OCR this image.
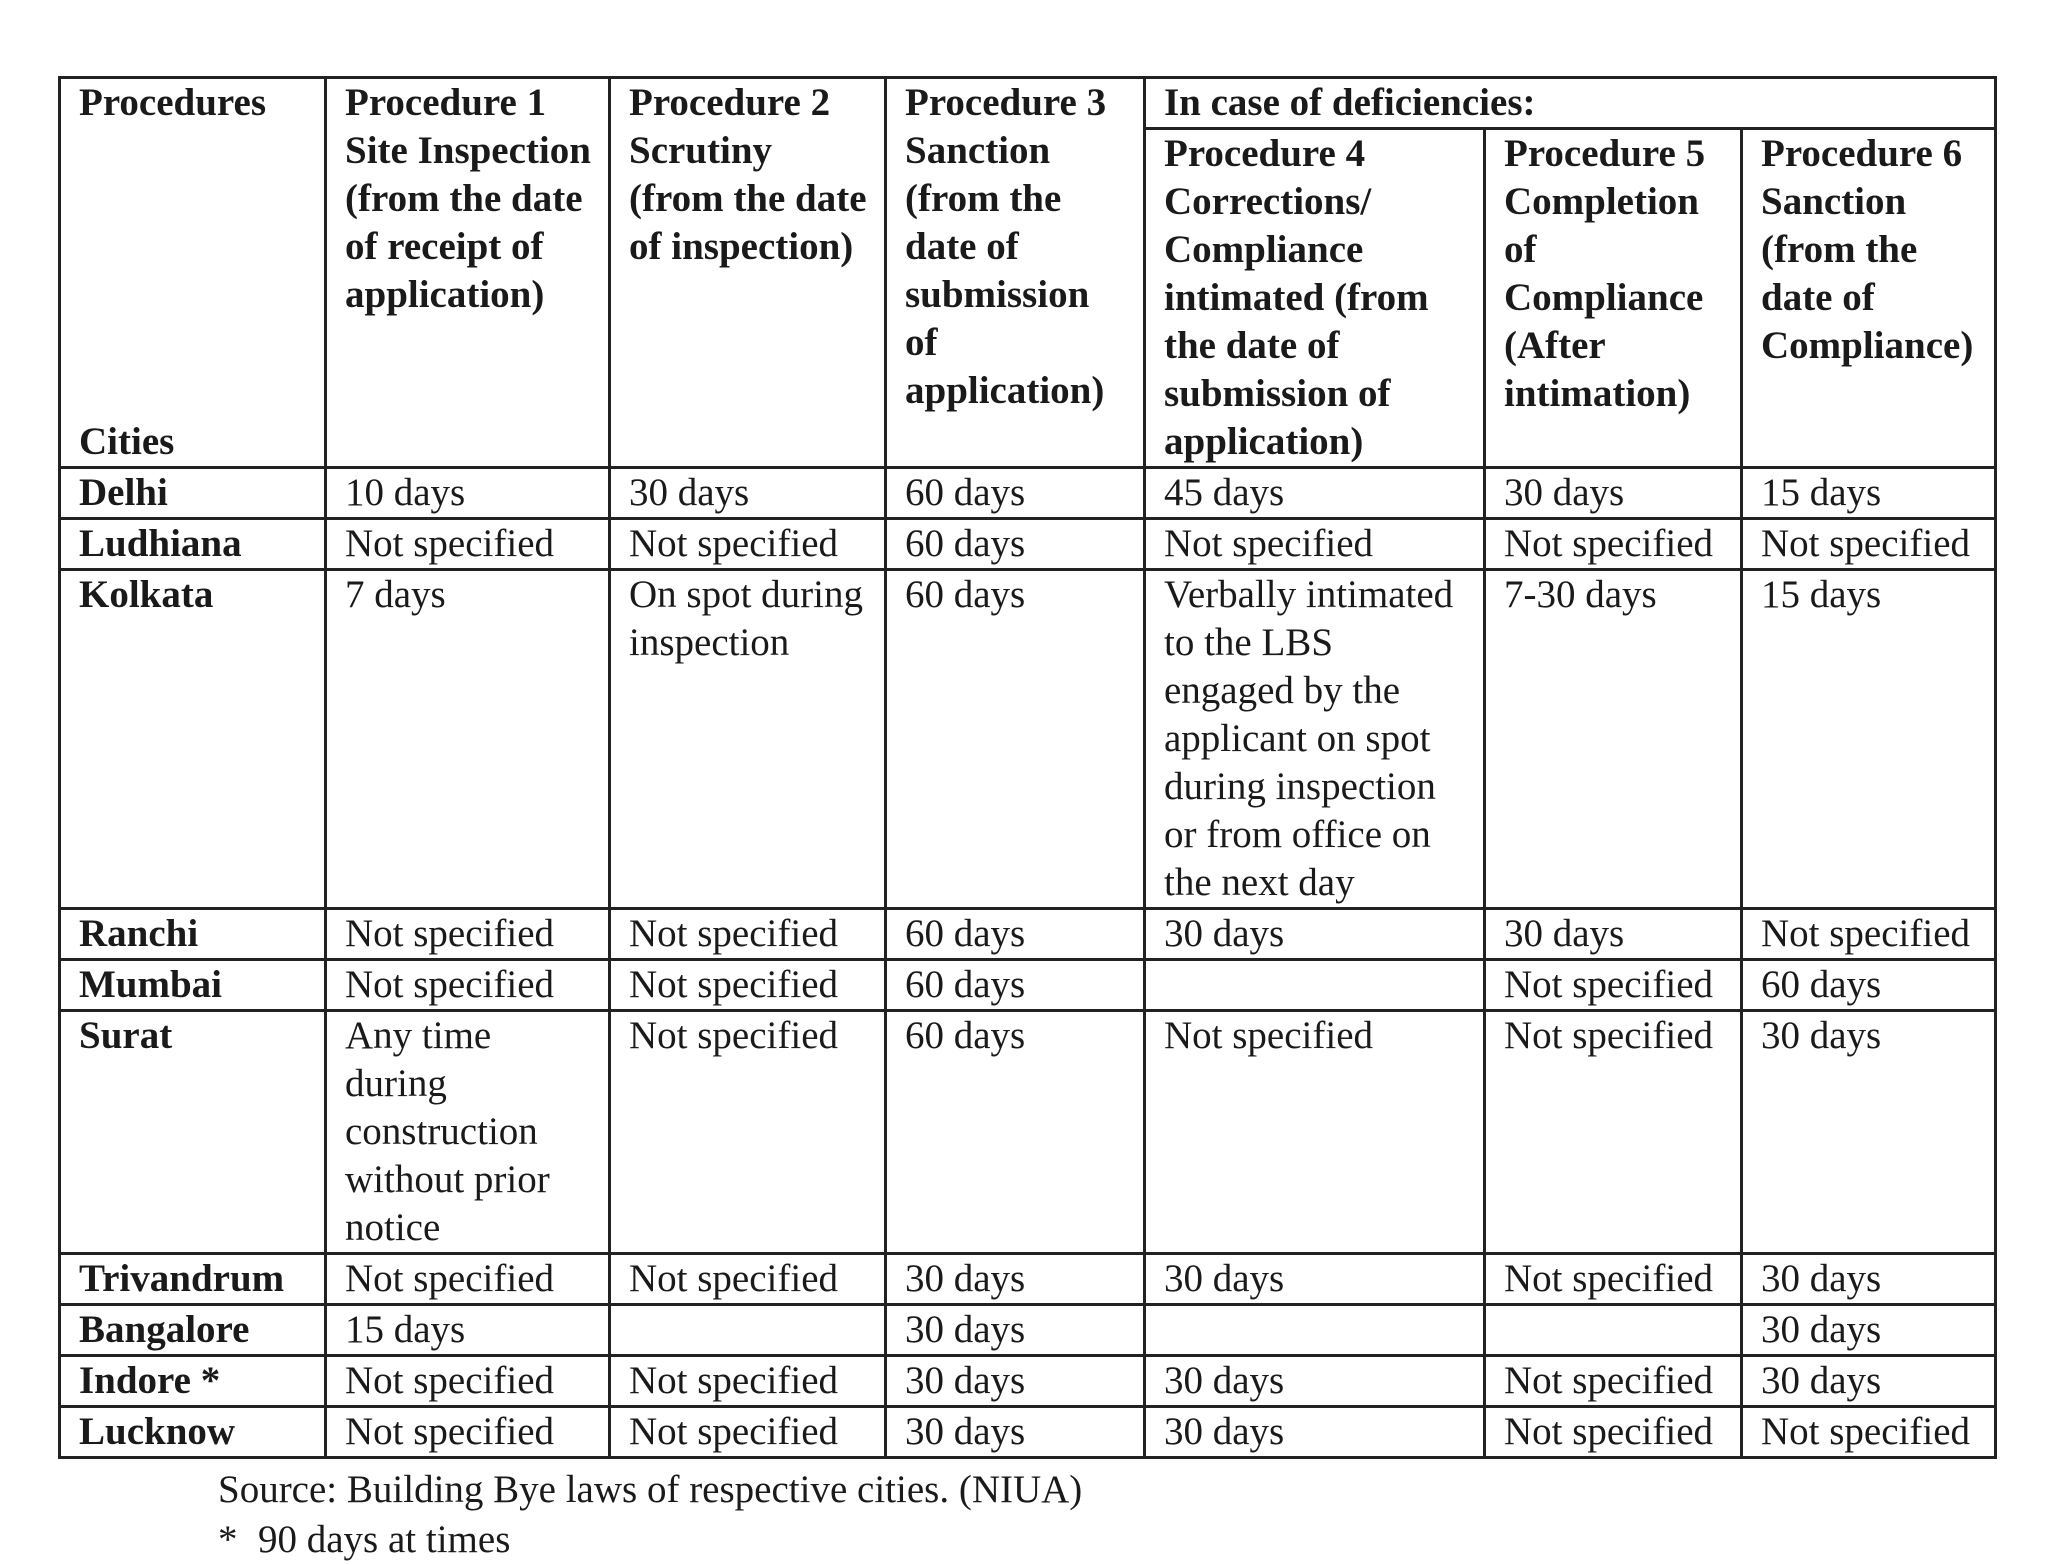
Procedures
Cities	Procedure 1 Site Inspection (from the date of receipt of application)	Procedure 2 Scrutiny (from the date of inspection)	Procedure 3 Sanction (from the date of submission of application)	In case of deficiencies:		
				Procedure 4 Corrections/ Compliance intimated (from the date of submission of application)	Procedure 5 Completion of Compliance (After intimation)	Procedure 6 Sanction (from the date of Compliance)
Delhi	10 days	30 days	60 days	45 days	30 days	15 days
Ludhiana	Not specified	Not specified	60 days	Not specified	Not specified	Not specified
Kolkata	7 days	On spot during inspection	60 days	Verbally intimated to the LBS engaged by the applicant on spot during inspection or from office on the next day	7-30 days	15 days
Ranchi	Not specified	Not specified	60 days	30 days	30 days	Not specified
Mumbai	Not specified	Not specified	60 days		Not specified	60 days
Surat	Any time during construction without prior notice	Not specified	60 days	Not specified	Not specified	30 days
Trivandrum	Not specified	Not specified	30 days	30 days	Not specified	30 days
Bangalore	15 days		30 days			30 days
Indore *	Not specified	Not specified	30 days	30 days	Not specified	30 days
Lucknow	Not specified	Not specified	30 days	30 days	Not specified	Not specified
Source: Building Bye laws of respective cities. (NIUA)
* 90 days at times
